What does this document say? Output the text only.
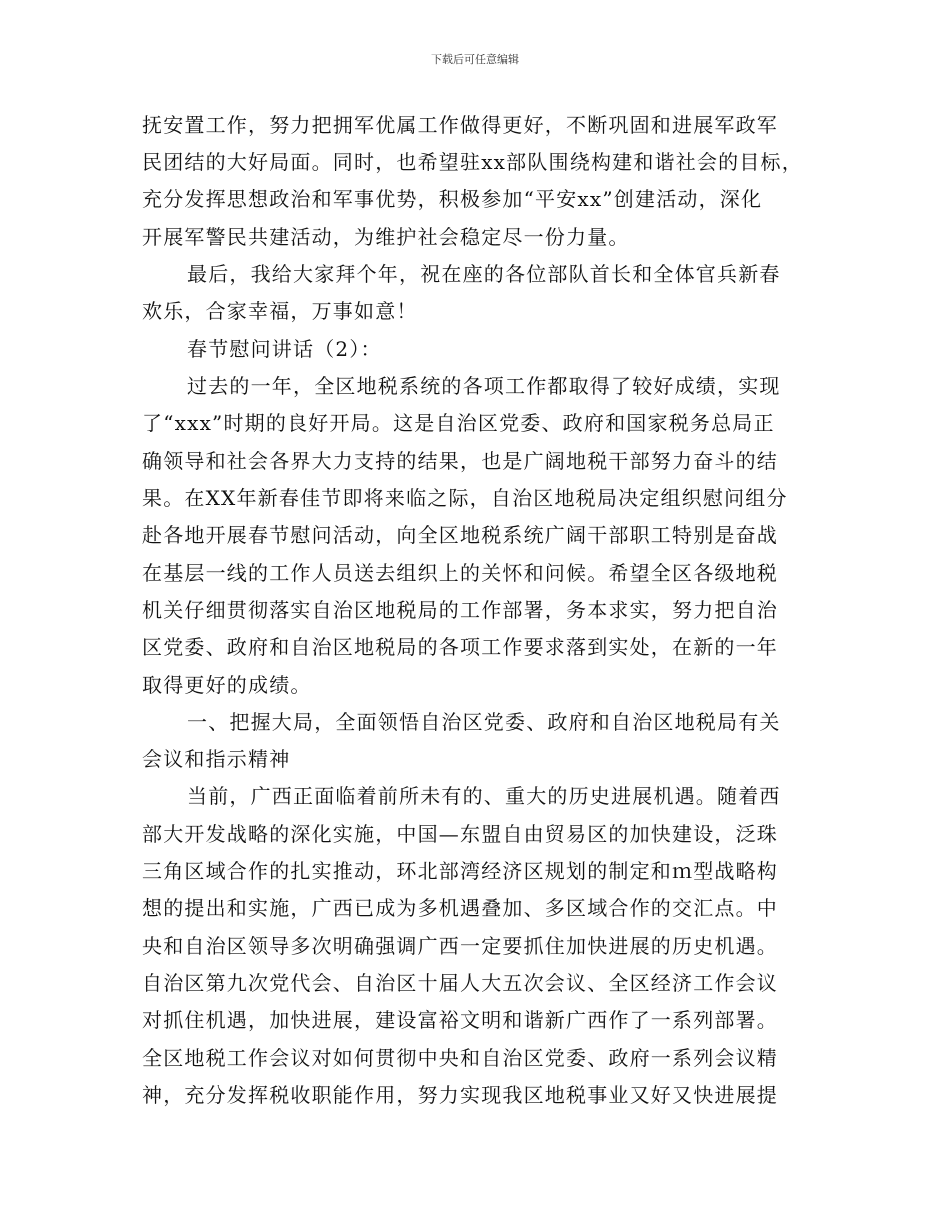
下载后可任意编辑
抚安置工作，努力把拥军优属工作做得更好，不断巩固和进展军政军
民团结的大好局面。同时，也希望驻xx部队围绕构建和谐社会的目标，
充分发挥思想政治和军事优势，积极参加“平安xx”创建活动，深化
开展军警民共建活动，为维护社会稳定尽一份力量。
最后，我给大家拜个年，祝在座的各位部队首长和全体官兵新春
欢乐，合家幸福，万事如意！
春节慰问讲话（2）：
过去的一年，全区地税系统的各项工作都取得了较好成绩，实现
了“xxx”时期的良好开局。这是自治区党委、政府和国家税务总局正
确领导和社会各界大力支持的结果，也是广阔地税干部努力奋斗的结
果。在XX年新春佳节即将来临之际，自治区地税局决定组织慰问组分
赴各地开展春节慰问活动，向全区地税系统广阔干部职工特别是奋战
在基层一线的工作人员送去组织上的关怀和问候。希望全区各级地税
机关仔细贯彻落实自治区地税局的工作部署，务本求实，努力把自治
区党委、政府和自治区地税局的各项工作要求落到实处，在新的一年
取得更好的成绩。
一、把握大局，全面领悟自治区党委、政府和自治区地税局有关
会议和指示精神
当前，广西正面临着前所未有的、重大的历史进展机遇。随着西
部大开发战略的深化实施，中国—东盟自由贸易区的加快建设，泛珠
三角区域合作的扎实推动，环北部湾经济区规划的制定和ｍ型战略构
想的提出和实施，广西已成为多机遇叠加、多区域合作的交汇点。中
央和自治区领导多次明确强调广西一定要抓住加快进展的历史机遇。
自治区第九次党代会、自治区十届人大五次会议、全区经济工作会议
对抓住机遇，加快进展，建设富裕文明和谐新广西作了一系列部署。
全区地税工作会议对如何贯彻中央和自治区党委、政府一系列会议精
神，充分发挥税收职能作用，努力实现我区地税事业又好又快进展提
